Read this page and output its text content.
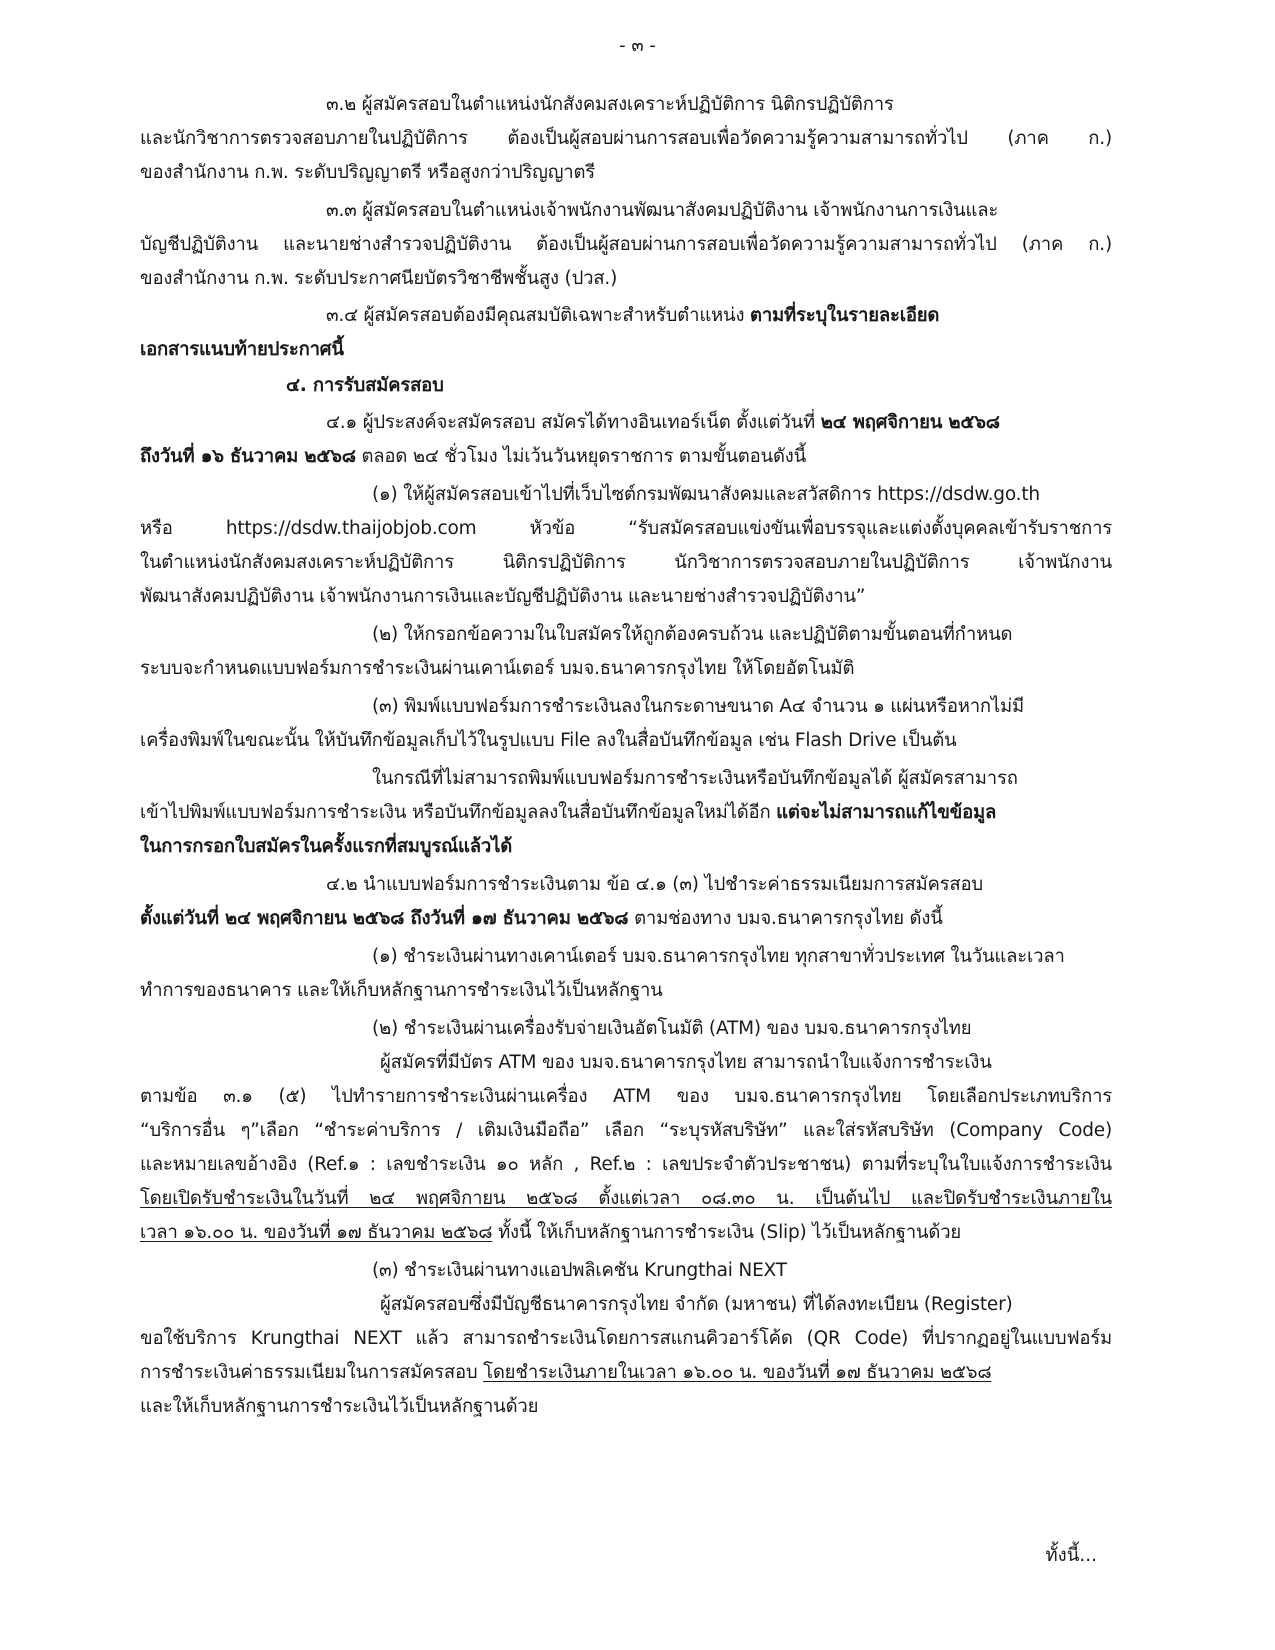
- ๓ -
๓.๒ ผู้สมัครสอบในตำแหน่งนักสังคมสงเคราะห์ปฏิบัติการ นิติกรปฏิบัติการ
และนักวิชาการตรวจสอบภายในปฏิบัติการ ต้องเป็นผู้สอบผ่านการสอบเพื่อวัดความรู้ความสามารถทั่วไป (ภาค ก.)
ของสำนักงาน ก.พ. ระดับปริญญาตรี หรือสูงกว่าปริญญาตรี
๓.๓ ผู้สมัครสอบในตำแหน่งเจ้าพนักงานพัฒนาสังคมปฏิบัติงาน เจ้าพนักงานการเงินและ
บัญชีปฏิบัติงาน และนายช่างสำรวจปฏิบัติงาน ต้องเป็นผู้สอบผ่านการสอบเพื่อวัดความรู้ความสามารถทั่วไป (ภาค ก.)
ของสำนักงาน ก.พ. ระดับประกาศนียบัตรวิชาชีพชั้นสูง (ปวส.)
๓.๔ ผู้สมัครสอบต้องมีคุณสมบัติเฉพาะสำหรับตำแหน่ง ตามที่ระบุในรายละเอียด
เอกสารแนบท้ายประกาศนี้
๔. การรับสมัครสอบ
๔.๑ ผู้ประสงค์จะสมัครสอบ สมัครได้ทางอินเทอร์เน็ต ตั้งแต่วันที่ ๒๔ พฤศจิกายน ๒๕๖๘
ถึงวันที่ ๑๖ ธันวาคม ๒๕๖๘ ตลอด ๒๔ ชั่วโมง ไม่เว้นวันหยุดราชการ ตามขั้นตอนดังนี้
(๑) ให้ผู้สมัครสอบเข้าไปที่เว็บไซต์กรมพัฒนาสังคมและสวัสดิการ https://dsdw.go.th
หรือ https://dsdw.thaijobjob.com หัวข้อ “รับสมัครสอบแข่งขันเพื่อบรรจุและแต่งตั้งบุคคลเข้ารับราชการ
ในตำแหน่งนักสังคมสงเคราะห์ปฏิบัติการ นิติกรปฏิบัติการ นักวิชาการตรวจสอบภายในปฏิบัติการ เจ้าพนักงาน
พัฒนาสังคมปฏิบัติงาน เจ้าพนักงานการเงินและบัญชีปฏิบัติงาน และนายช่างสำรวจปฏิบัติงาน”
(๒) ให้กรอกข้อความในใบสมัครให้ถูกต้องครบถ้วน และปฏิบัติตามขั้นตอนที่กำหนด
ระบบจะกำหนดแบบฟอร์มการชำระเงินผ่านเคาน์เตอร์ บมจ.ธนาคารกรุงไทย ให้โดยอัตโนมัติ
(๓) พิมพ์แบบฟอร์มการชำระเงินลงในกระดาษขนาด A๔ จำนวน ๑ แผ่นหรือหากไม่มี
เครื่องพิมพ์ในขณะนั้น ให้บันทึกข้อมูลเก็บไว้ในรูปแบบ File ลงในสื่อบันทึกข้อมูล เช่น Flash Drive เป็นต้น
ในกรณีที่ไม่สามารถพิมพ์แบบฟอร์มการชำระเงินหรือบันทึกข้อมูลได้ ผู้สมัครสามารถ
เข้าไปพิมพ์แบบฟอร์มการชำระเงิน หรือบันทึกข้อมูลลงในสื่อบันทึกข้อมูลใหม่ได้อีก แต่จะไม่สามารถแก้ไขข้อมูล
ในการกรอกใบสมัครในครั้งแรกที่สมบูรณ์แล้วได้
๔.๒ นำแบบฟอร์มการชำระเงินตาม ข้อ ๔.๑ (๓) ไปชำระค่าธรรมเนียมการสมัครสอบ
ตั้งแต่วันที่ ๒๔ พฤศจิกายน ๒๕๖๘ ถึงวันที่ ๑๗ ธันวาคม ๒๕๖๘ ตามช่องทาง บมจ.ธนาคารกรุงไทย ดังนี้
(๑) ชำระเงินผ่านทางเคาน์เตอร์ บมจ.ธนาคารกรุงไทย ทุกสาขาทั่วประเทศ ในวันและเวลา
ทำการของธนาคาร และให้เก็บหลักฐานการชำระเงินไว้เป็นหลักฐาน
(๒) ชำระเงินผ่านเครื่องรับจ่ายเงินอัตโนมัติ (ATM) ของ บมจ.ธนาคารกรุงไทย
ผู้สมัครที่มีบัตร ATM ของ บมจ.ธนาคารกรุงไทย สามารถนำใบแจ้งการชำระเงิน
ตามข้อ ๓.๑ (๕) ไปทำรายการชำระเงินผ่านเครื่อง ATM ของ บมจ.ธนาคารกรุงไทย โดยเลือกประเภทบริการ
“บริการอื่น ๆ”เลือก “ชำระค่าบริการ / เติมเงินมือถือ” เลือก “ระบุรหัสบริษัท” และใส่รหัสบริษัท (Company Code)
และหมายเลขอ้างอิง (Ref.๑ : เลขชำระเงิน ๑๐ หลัก , Ref.๒ : เลขประจำตัวประชาชน) ตามที่ระบุในใบแจ้งการชำระเงิน
โดยเปิดรับชำระเงินในวันที่ ๒๔ พฤศจิกายน ๒๕๖๘ ตั้งแต่เวลา ๐๘.๓๐ น. เป็นต้นไป และปิดรับชำระเงินภายใน
เวลา ๑๖.๐๐ น. ของวันที่ ๑๗ ธันวาคม ๒๕๖๘ ทั้งนี้ ให้เก็บหลักฐานการชำระเงิน (Slip) ไว้เป็นหลักฐานด้วย
(๓) ชำระเงินผ่านทางแอปพลิเคชัน Krungthai NEXT
ผู้สมัครสอบซึ่งมีบัญชีธนาคารกรุงไทย จำกัด (มหาชน) ที่ได้ลงทะเบียน (Register)
ขอใช้บริการ Krungthai NEXT แล้ว สามารถชำระเงินโดยการสแกนคิวอาร์โค้ด (QR Code) ที่ปรากฏอยู่ในแบบฟอร์ม
การชำระเงินค่าธรรมเนียมในการสมัครสอบ โดยชำระเงินภายในเวลา ๑๖.๐๐ น. ของวันที่ ๑๗ ธันวาคม ๒๕๖๘
และให้เก็บหลักฐานการชำระเงินไว้เป็นหลักฐานด้วย
ทั้งนี้...
